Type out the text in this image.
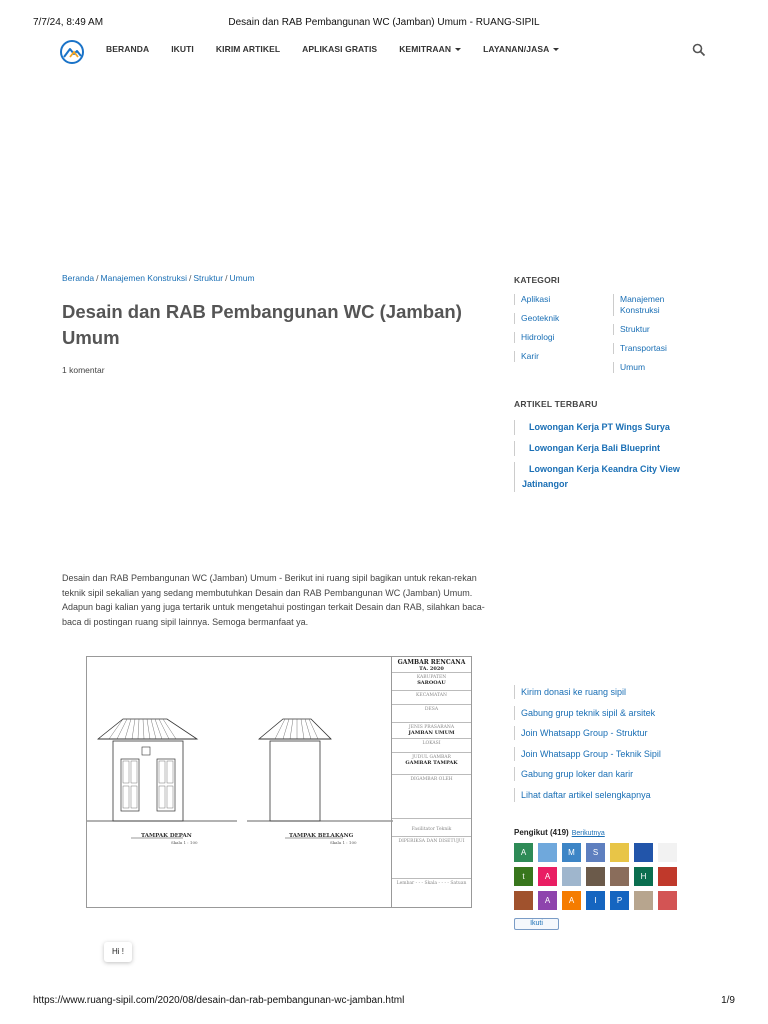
7/7/24, 8:49 AM	Desain dan RAB Pembangunan WC (Jamban) Umum - RUANG-SIPIL
BERANDA	IKUTI	KIRIM ARTIKEL	APLIKASI GRATIS	KEMITRAAN	LAYANAN/JASA
Beranda / Manajemen Konstruksi / Struktur / Umum
Desain dan RAB Pembangunan WC (Jamban) Umum
1 komentar

Desain dan RAB Pembangunan WC (Jamban) Umum - Berikut ini ruang sipil bagikan untuk rekan-rekan teknik sipil sekalian yang sedang membutuhkan Desain dan RAB Pembangunan WC (Jamban) Umum. Adapun bagi kalian yang juga tertarik untuk mengetahui postingan terkait Desain dan RAB, silahkan baca-baca di postingan ruang sipil lainnya. Semoga bermanfaat ya.

TAMPAK DEPAN
Skala 1 : 100
TAMPAK BELAKANG
Skala 1 : 100
GAMBAR RENCANA
TA. 2020
KABUPATEN
SAROOAU
KECAMATAN
DESA
JENIS PRASARANA
JAMBAN UMUM
LOKASI
JUDUL GAMBAR
GAMBAR TAMPAK
DIGAMBAR OLEH
Fasilitator Teknik
DIPERIKSA DAN DISETUJUI
Lembar - - - Skala - - - - Satuan
Hi !
KATEGORI
Aplikasi
Geoteknik
Hidrologi
Karir
Manajemen Konstruksi
Struktur
Transportasi
Umum
ARTIKEL TERBARU
Lowongan Kerja PT Wings Surya
Lowongan Kerja Bali Blueprint
Lowongan Kerja Keandra City View Jatinangor
Kirim donasi ke ruang sipil
Gabung grup teknik sipil & arsitek
Join Whatsapp Group - Struktur
Join Whatsapp Group - Teknik Sipil
Gabung grup loker dan karir
Lihat daftar artikel selengkapnya
Pengikut (419) Berikutnya
A	M	S
t	A	H
A	A	I	P
Ikuti
https://www.ruang-sipil.com/2020/08/desain-dan-rab-pembangunan-wc-jamban.html	1/9
